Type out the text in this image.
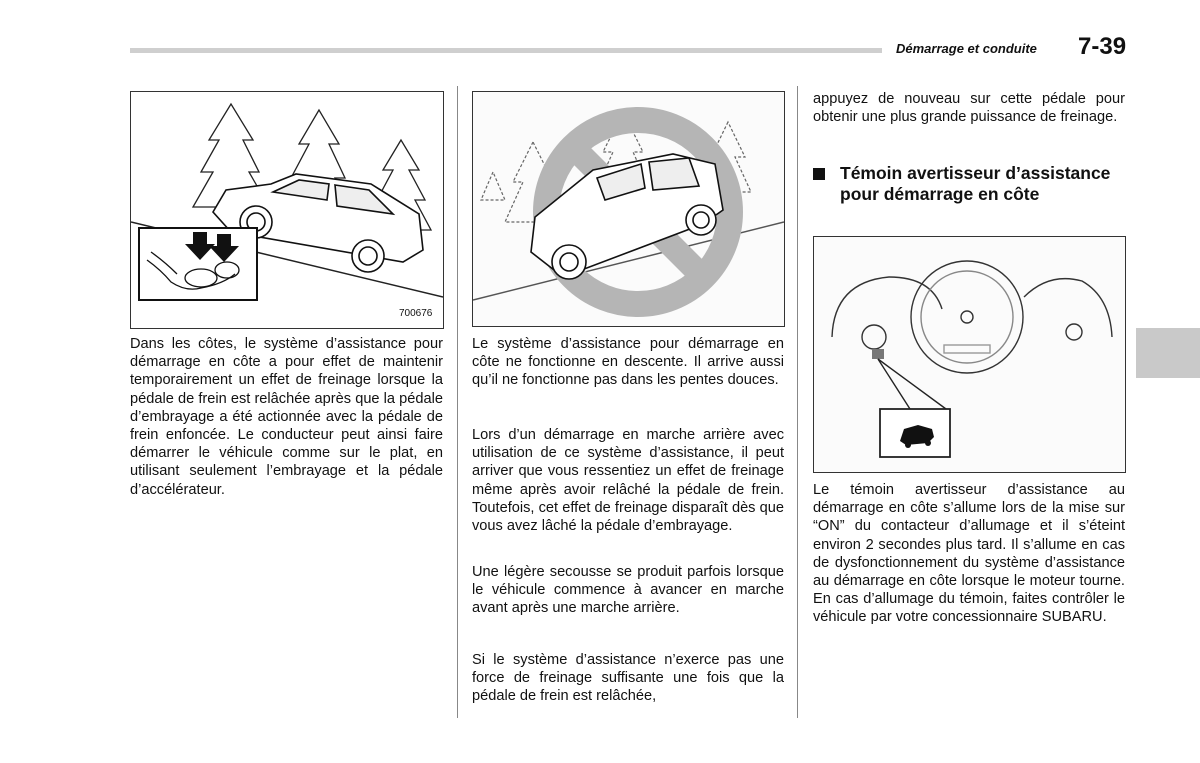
Démarrage et conduite 7-39
700676

Dans les côtes, le système d’assistance pour démarrage en côte a pour effet de maintenir temporairement un effet de freinage lorsque la pédale de frein est relâchée après que la pédale d’embrayage a été actionnée avec la pédale de frein enfoncée. Le conducteur peut ainsi faire démarrer le véhicule comme sur le plat, en utilisant seulement l’embrayage et la pédale d’accélérateur.

Le système d’assistance pour démarrage en côte ne fonctionne en descente. Il arrive aussi qu’il ne fonctionne pas dans les pentes douces.

Lors d’un démarrage en marche arrière avec utilisation de ce système d’assistance, il peut arriver que vous ressentiez un effet de freinage même après avoir relâché la pédale de frein. Toutefois, cet effet de freinage disparaît dès que vous avez lâché la pédale d’embrayage.

Une légère secousse se produit parfois lorsque le véhicule commence à avancer en marche avant après une marche arrière.

Si le système d’assistance n’exerce pas une force de freinage suffisante une fois que la pédale de frein est relâchée,

appuyez de nouveau sur cette pédale pour obtenir une plus grande puissance de freinage.

Témoin avertisseur d’assistance pour démarrage en côte

Le témoin avertisseur d’assistance au démarrage en côte s’allume lors de la mise sur “ON” du contacteur d’allumage et il s’éteint environ 2 secondes plus tard. Il s’allume en cas de dysfonctionnement du système d’assistance au démarrage en côte lorsque le moteur tourne. En cas d’allumage du témoin, faites contrôler le véhicule par votre concessionnaire SUBARU.
